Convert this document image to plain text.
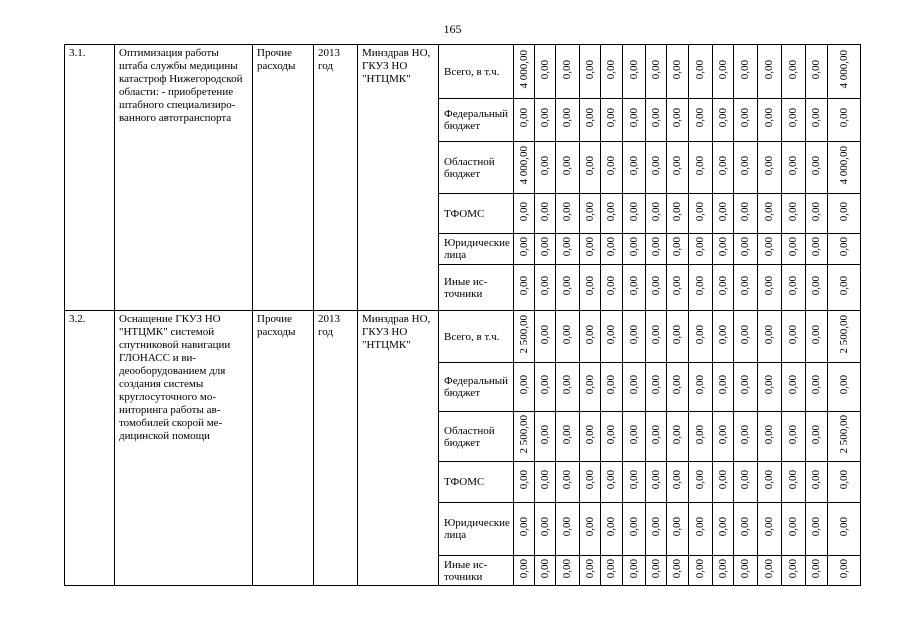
165
3.1.	Оптимизация работы штаба службы медицины катастроф Нижегородской области: - приобретение штабного специализированного автотранспорта	Прочие расходы	2013 год	Минздрав НО, ГКУЗ НО "НТЦМК"	Всего, в т.ч.	4 000,00	0,00	0,00	0,00	0,00	0,00	0,00	0,00	0,00	0,00	0,00	0,00	0,00	0,00	4 000,00
					Федеральный бюджет	0,00	0,00	0,00	0,00	0,00	0,00	0,00	0,00	0,00	0,00	0,00	0,00	0,00	0,00	0,00
					Областной бюджет	4 000,00	0,00	0,00	0,00	0,00	0,00	0,00	0,00	0,00	0,00	0,00	0,00	0,00	0,00	4 000,00
					ТФОМС	0,00	0,00	0,00	0,00	0,00	0,00	0,00	0,00	0,00	0,00	0,00	0,00	0,00	0,00	0,00
					Юридические лица	0,00	0,00	0,00	0,00	0,00	0,00	0,00	0,00	0,00	0,00	0,00	0,00	0,00	0,00	0,00
					Иные источники	0,00	0,00	0,00	0,00	0,00	0,00	0,00	0,00	0,00	0,00	0,00	0,00	0,00	0,00	0,00
3.2.	Оснащение ГКУЗ НО "НТЦМК" системой спутниковой навигации ГЛОНАСС и видеооборудованием для создания системы круглосуточного мониторинга работы автомобилей скорой медицинской помощи	Прочие расходы	2013 год	Минздрав НО, ГКУЗ НО "НТЦМК"	Всего, в т.ч.	2 500,00	0,00	0,00	0,00	0,00	0,00	0,00	0,00	0,00	0,00	0,00	0,00	0,00	0,00	2 500,00
					Федеральный бюджет	0,00	0,00	0,00	0,00	0,00	0,00	0,00	0,00	0,00	0,00	0,00	0,00	0,00	0,00	0,00
					Областной бюджет	2 500,00	0,00	0,00	0,00	0,00	0,00	0,00	0,00	0,00	0,00	0,00	0,00	0,00	0,00	2 500,00
					ТФОМС	0,00	0,00	0,00	0,00	0,00	0,00	0,00	0,00	0,00	0,00	0,00	0,00	0,00	0,00	0,00
					Юридические лица	0,00	0,00	0,00	0,00	0,00	0,00	0,00	0,00	0,00	0,00	0,00	0,00	0,00	0,00	0,00
					Иные источники	0,00	0,00	0,00	0,00	0,00	0,00	0,00	0,00	0,00	0,00	0,00	0,00	0,00	0,00	0,00
